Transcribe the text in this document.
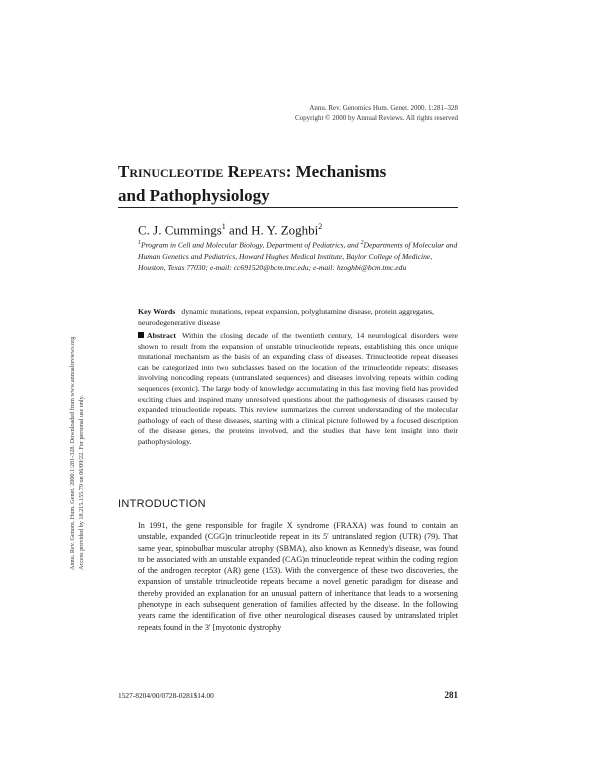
Annu. Rev. Genomics Hum. Genet. 2000. 1:281–328
Copyright © 2000 by Annual Reviews. All rights reserved
Trinucleotide Repeats: Mechanisms
and Pathophysiology
C. J. Cummings$^1$ and H. Y. Zoghbi$^2$
$^1$Program in Cell and Molecular Biology, Department of Pediatrics, and $^2$Departments of Molecular and Human Genetics and Pediatrics, Howard Hughes Medical Institute, Baylor College of Medicine, Houston, Texas 77030; e-mail: cc691520@bcm.tmc.edu; e-mail: hzoghbi@bcm.tmc.edu
Annu. Rev. Genom. Hum. Genet. 2000.1:281-328. Downloaded from www.annualreviews.org Access provided by 18.215.155.79 on 06/09/22. For personal use only.
Key Words dynamic mutations, repeat expansion, polyglutamine disease, protein aggregates, neurodegenerative disease
Abstract Within the closing decade of the twentieth century, 14 neurological disorders were shown to result from the expansion of unstable trinucleotide repeats, establishing this once unique mutational mechanism as the basis of an expanding class of diseases. Trinucleotide repeat diseases can be categorized into two subclasses based on the location of the trinucleotide repeats: diseases involving noncoding repeats (untranslated sequences) and diseases involving repeats within coding sequences (exonic). The large body of knowledge accumulating in this fast moving field has provided exciting clues and inspired many unresolved questions about the pathogenesis of diseases caused by expanded trinucleotide repeats. This review summarizes the current understanding of the molecular pathology of each of these diseases, starting with a clinical picture followed by a focused description of the disease genes, the proteins involved, and the studies that have lent insight into their pathophysiology.
INTRODUCTION
In 1991, the gene responsible for fragile X syndrome (FRAXA) was found to contain an unstable, expanded (CGG)n trinucleotide repeat in its 5′ untranslated region (UTR) (79). That same year, spinobulbar muscular atrophy (SBMA), also known as Kennedy's disease, was found to be associated with an unstable expanded (CAG)n trinucleotide repeat within the coding region of the androgen receptor (AR) gene (153). With the convergence of these two discoveries, the expansion of unstable trinucleotide repeats became a novel genetic paradigm for disease and thereby provided an explanation for an unusual pattern of inheritance that leads to a worsening phenotype in each subsequent generation of families affected by the disease. In the following years came the identification of five other neurological diseases caused by untranslated triplet repeats found in the 3′ [myotonic dystrophy
1527-8204/00/0728-0281$14.00	281
